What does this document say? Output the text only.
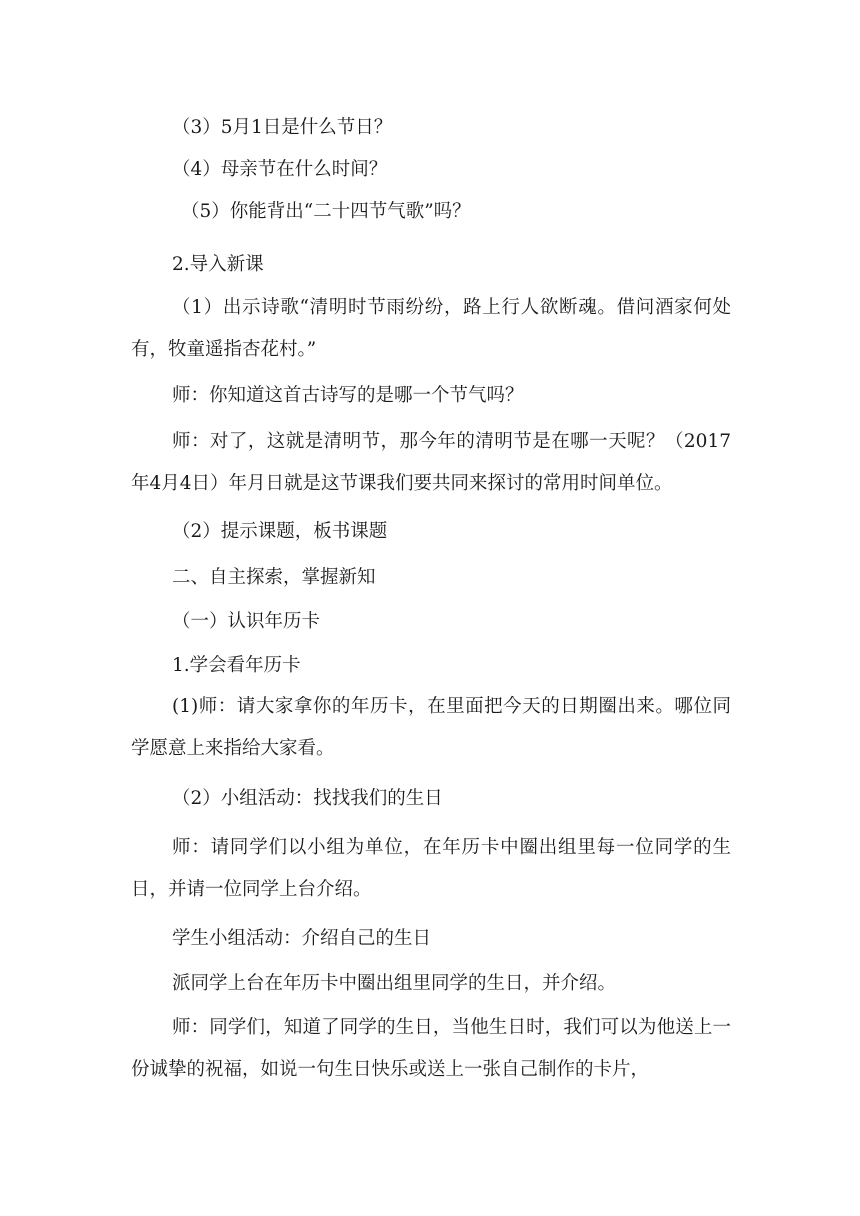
（3）5月1日是什么节日？

（4）母亲节在什么时间？

（5）你能背出“二十四节气歌”吗？

2.导入新课

（1）出示诗歌“清明时节雨纷纷，路上行人欲断魂。借问酒家何处有，牧童遥指杏花村。”

师：你知道这首古诗写的是哪一个节气吗？

师：对了，这就是清明节，那今年的清明节是在哪一天呢？（2017年4月4日）年月日就是这节课我们要共同来探讨的常用时间单位。

（2）提示课题，板书课题

二、自主探索，掌握新知

（一）认识年历卡

1.学会看年历卡

(1)师：请大家拿你的年历卡，在里面把今天的日期圈出来。哪位同学愿意上来指给大家看。

（2）小组活动：找找我们的生日

师：请同学们以小组为单位，在年历卡中圈出组里每一位同学的生日，并请一位同学上台介绍。

学生小组活动：介绍自己的生日

派同学上台在年历卡中圈出组里同学的生日，并介绍。

师：同学们，知道了同学的生日，当他生日时，我们可以为他送上一份诚挚的祝福，如说一句生日快乐或送上一张自己制作的卡片，
